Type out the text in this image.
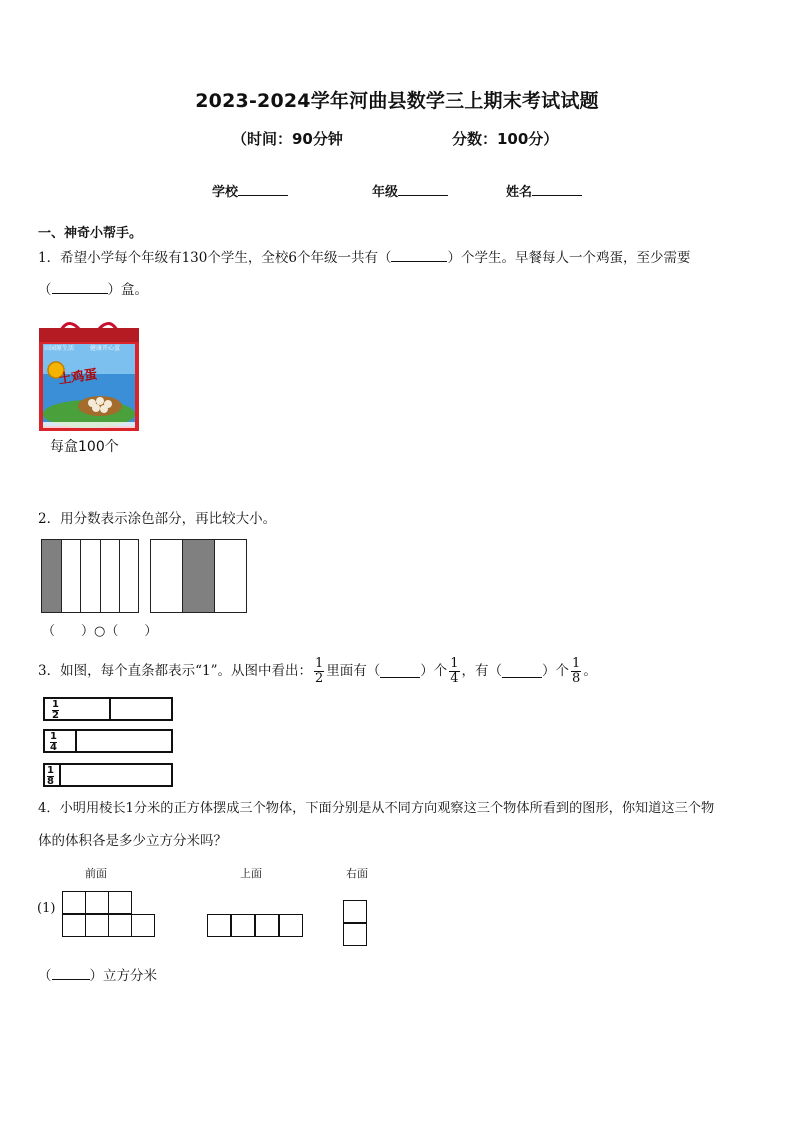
2023-2024学年河曲县数学三上期末考试试题
（时间：90分钟	分数：100分）
学校	年级	姓名
一、神奇小帮手。
1．希望小学每个年级有130个学生，全校6个年级一共有（	）个学生。早餐每人一个鸡蛋，至少需要
（	）盒。
土鸡蛋
田园原生活	健康开心蛋
每盒100个
2．用分数表示涂色部分，再比较大小。
（　　）○（　　）
3．如图，每个直条都表示“1”。从图中看出： $\frac{1}{2}$ 里面有（	）个 $\frac{1}{4}$ ，有（	）个 $\frac{1}{8}$ 。
$\frac{1}{2}$
$\frac{1}{4}$
$\frac{1}{8}$
4．小明用棱长1分米的正方体摆成三个物体，下面分别是从不同方向观察这三个物体所看到的图形，你知道这三个物
体的体积各是多少立方分米吗？
前面	上面	右面
(1)
（	）立方分米
